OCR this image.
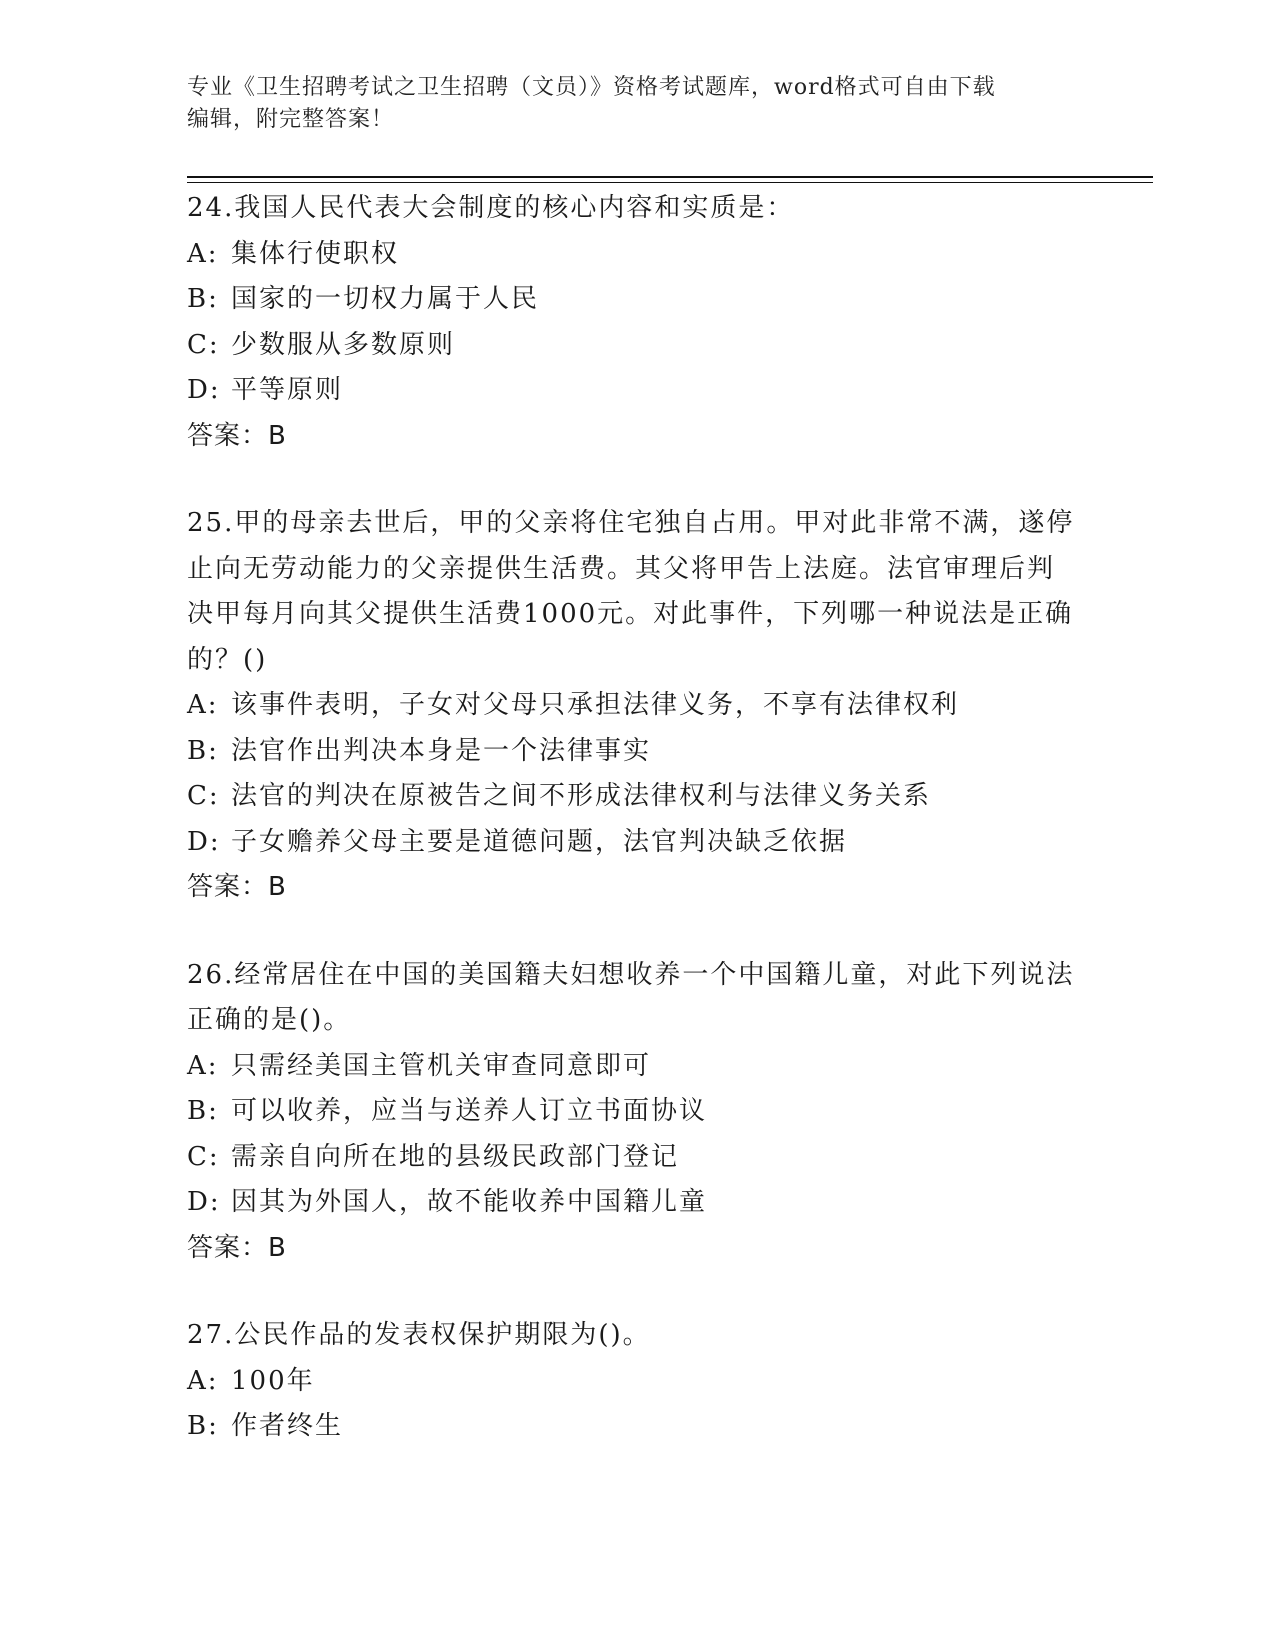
专业《卫生招聘考试之卫生招聘（文员）》资格考试题库，word格式可自由下载
编辑，附完整答案！

24.我国人民代表大会制度的核心内容和实质是：

A: 集体行使职权

B: 国家的一切权力属于人民

C: 少数服从多数原则

D: 平等原则

答案：B

25.甲的母亲去世后，甲的父亲将住宅独自占用。甲对此非常不满，遂停止向无劳动能力的父亲提供生活费。其父将甲告上法庭。法官审理后判决甲每月向其父提供生活费1000元。对此事件，下列哪一种说法是正确的？()

A: 该事件表明，子女对父母只承担法律义务，不享有法律权利

B: 法官作出判决本身是一个法律事实

C: 法官的判决在原被告之间不形成法律权利与法律义务关系

D: 子女赡养父母主要是道德问题，法官判决缺乏依据

答案：B

26.经常居住在中国的美国籍夫妇想收养一个中国籍儿童，对此下列说法正确的是()。

A: 只需经美国主管机关审查同意即可

B: 可以收养，应当与送养人订立书面协议

C: 需亲自向所在地的县级民政部门登记

D: 因其为外国人，故不能收养中国籍儿童

答案：B

27.公民作品的发表权保护期限为()。

A: 100年

B: 作者终生
